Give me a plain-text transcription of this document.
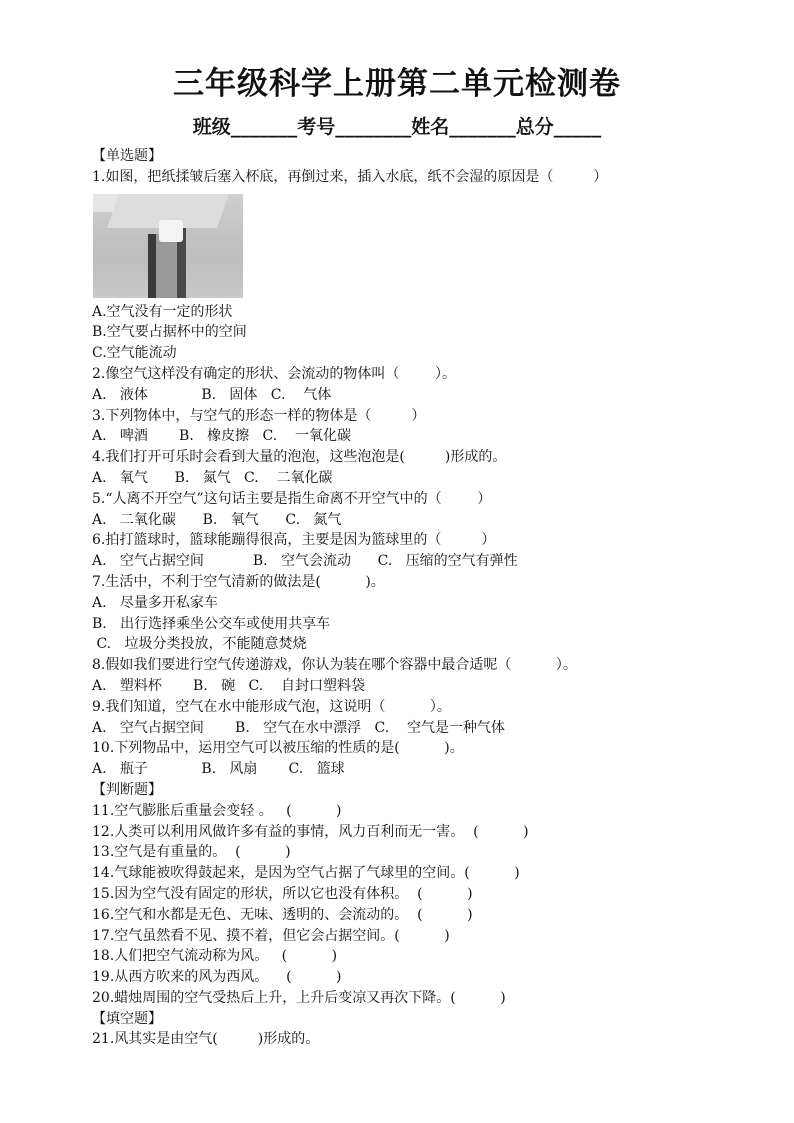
三年级科学上册第二单元检测卷
班级_______考号________姓名_______总分_____
【单选题】
1.如图，把纸揉皱后塞入杯底，再倒过来，插入水底，纸不会湿的原因是（         ）
A.空气没有一定的形状
B.空气要占据杯中的空间
C.空气能流动
2.像空气这样没有确定的形状、会流动的物体叫（        ）。
A.   液体            B.   固体   C.    气体
3.下列物体中，与空气的形态一样的物体是（         ）
A.   啤酒       B.   橡皮擦   C.    一氧化碳
4.我们打开可乐时会看到大量的泡泡，这些泡泡是(         )形成的。
A.   氧气      B.   氮气   C.    二氧化碳
5.“人离不开空气”这句话主要是指生命离不开空气中的（        ）
A.   二氧化碳      B.   氧气      C.   氮气
6.拍打篮球时，篮球能蹦得很高，主要是因为篮球里的（         ）
A.   空气占据空间           B.   空气会流动      C.   压缩的空气有弹性
7.生活中，不利于空气清新的做法是(          )。
A.   尽量多开私家车
B.   出行选择乘坐公交车或使用共享车
C.   垃圾分类投放，不能随意焚烧
8.假如我们要进行空气传递游戏，你认为装在哪个容器中最合适呢（          ）。
A.   塑料杯       B.   碗   C.    自封口塑料袋
9.我们知道，空气在水中能形成气泡，这说明（          ）。
A.   空气占据空间       B.   空气在水中漂浮   C.    空气是一种气体
10.下列物品中，运用空气可以被压缩的性质的是(          )。
A.   瓶子            B.   风扇       C.   篮球
【判断题】
11.空气膨胀后重量会变轻 。   (          )
12.人类可以利用风做许多有益的事情，风力百利而无一害。  (          )
13.空气是有重量的。  (          )
14.气球能被吹得鼓起来，是因为空气占据了气球里的空间。(          )
15.因为空气没有固定的形状，所以它也没有体积。  (          )
16.空气和水都是无色、无味、透明的、会流动的。  (          )
17.空气虽然看不见、摸不着，但它会占据空间。(          )
18.人们把空气流动称为风。   (          )
19.从西方吹来的风为西风。    (          )
20.蜡烛周围的空气受热后上升，上升后变凉又再次下降。(          )
【填空题】
21.风其实是由空气(         )形成的。
